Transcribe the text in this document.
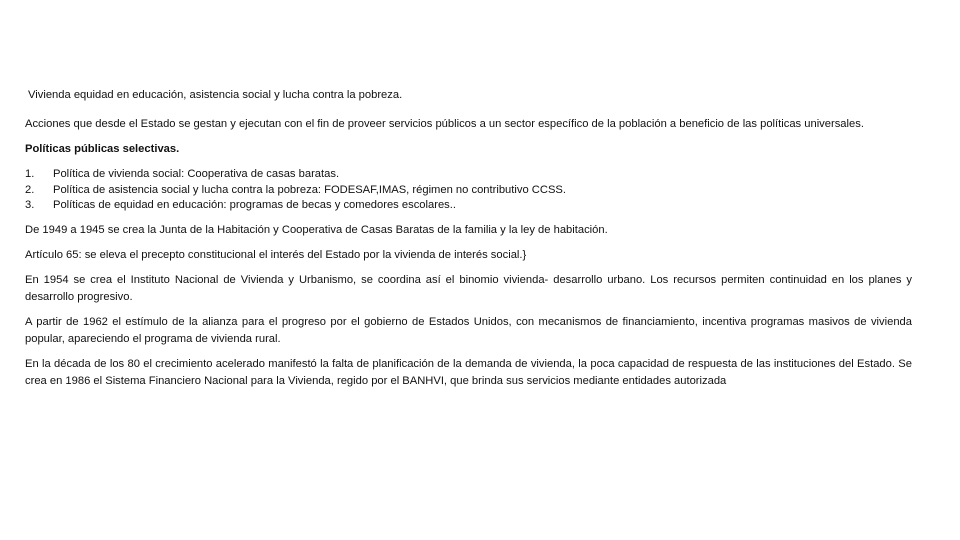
Vivienda equidad en educación, asistencia social y lucha contra la pobreza.

Acciones que desde el Estado se gestan y ejecutan con el fin de proveer servicios públicos a un sector específico de la población a beneficio de las políticas universales.

Políticas públicas selectivas.

1.	Política de vivienda social: Cooperativa de casas baratas.
2.	Política de asistencia social y lucha contra la pobreza: FODESAF,IMAS, régimen no contributivo CCSS.
3.	Políticas de equidad en educación: programas de becas y comedores escolares..

De 1949 a 1945 se crea la Junta de la Habitación y Cooperativa de Casas Baratas de la familia y la ley de habitación.

Artículo 65: se eleva el precepto constitucional el interés del Estado por la vivienda de interés social.}

En 1954 se crea el Instituto Nacional de Vivienda y Urbanismo, se coordina así el binomio vivienda- desarrollo urbano. Los recursos permiten continuidad en los planes y desarrollo progresivo.

A partir de 1962 el estímulo de la alianza para el progreso por el gobierno de Estados Unidos, con mecanismos de financiamiento, incentiva programas masivos de vivienda popular, apareciendo el programa de vivienda rural.

En la década de los 80 el crecimiento acelerado manifestó la falta de planificación de la demanda de vivienda, la poca capacidad de respuesta de las instituciones del Estado. Se crea en 1986 el Sistema Financiero Nacional para la Vivienda, regido por el BANHVI, que brinda sus servicios mediante entidades autorizada
